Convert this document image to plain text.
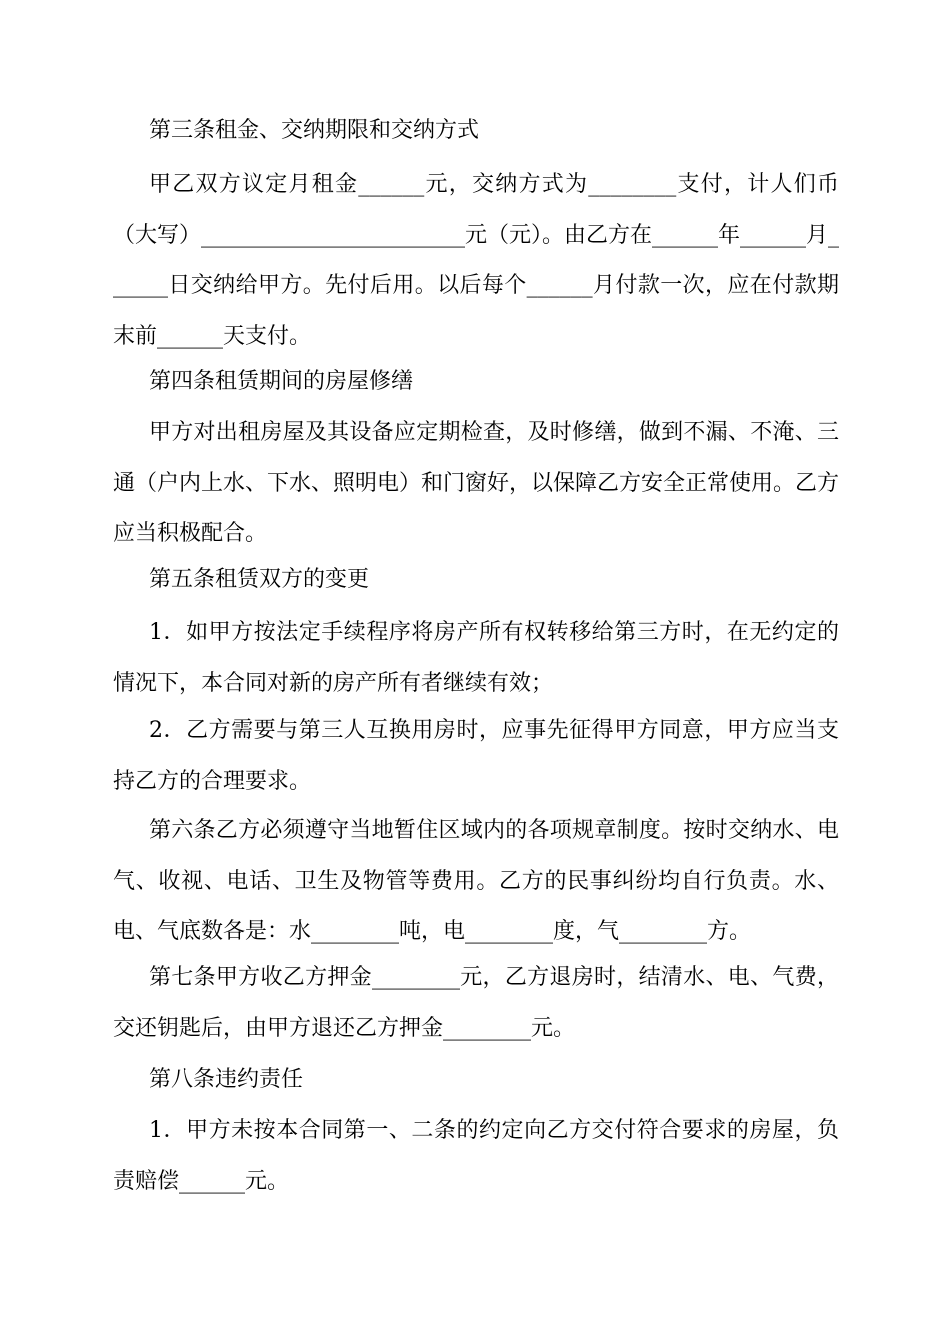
第三条租金、交纳期限和交纳方式

甲乙双方议定月租金______元，交纳方式为________支付，计人们币（大写）________________________元（元）。由乙方在______年______月______日交纳给甲方。先付后用。以后每个______月付款一次，应在付款期末前______天支付。

第四条租赁期间的房屋修缮

甲方对出租房屋及其设备应定期检查，及时修缮，做到不漏、不淹、三通（户内上水、下水、照明电）和门窗好，以保障乙方安全正常使用。乙方应当积极配合。

第五条租赁双方的变更

1．如甲方按法定手续程序将房产所有权转移给第三方时，在无约定的情况下，本合同对新的房产所有者继续有效；

2．乙方需要与第三人互换用房时，应事先征得甲方同意，甲方应当支持乙方的合理要求。

第六条乙方必须遵守当地暂住区域内的各项规章制度。按时交纳水、电气、收视、电话、卫生及物管等费用。乙方的民事纠纷均自行负责。水、电、气底数各是：水________吨，电________度，气________方。

第七条甲方收乙方押金________元，乙方退房时，结清水、电、气费，交还钥匙后，由甲方退还乙方押金________元。

第八条违约责任

1．甲方未按本合同第一、二条的约定向乙方交付符合要求的房屋，负责赔偿______元。
